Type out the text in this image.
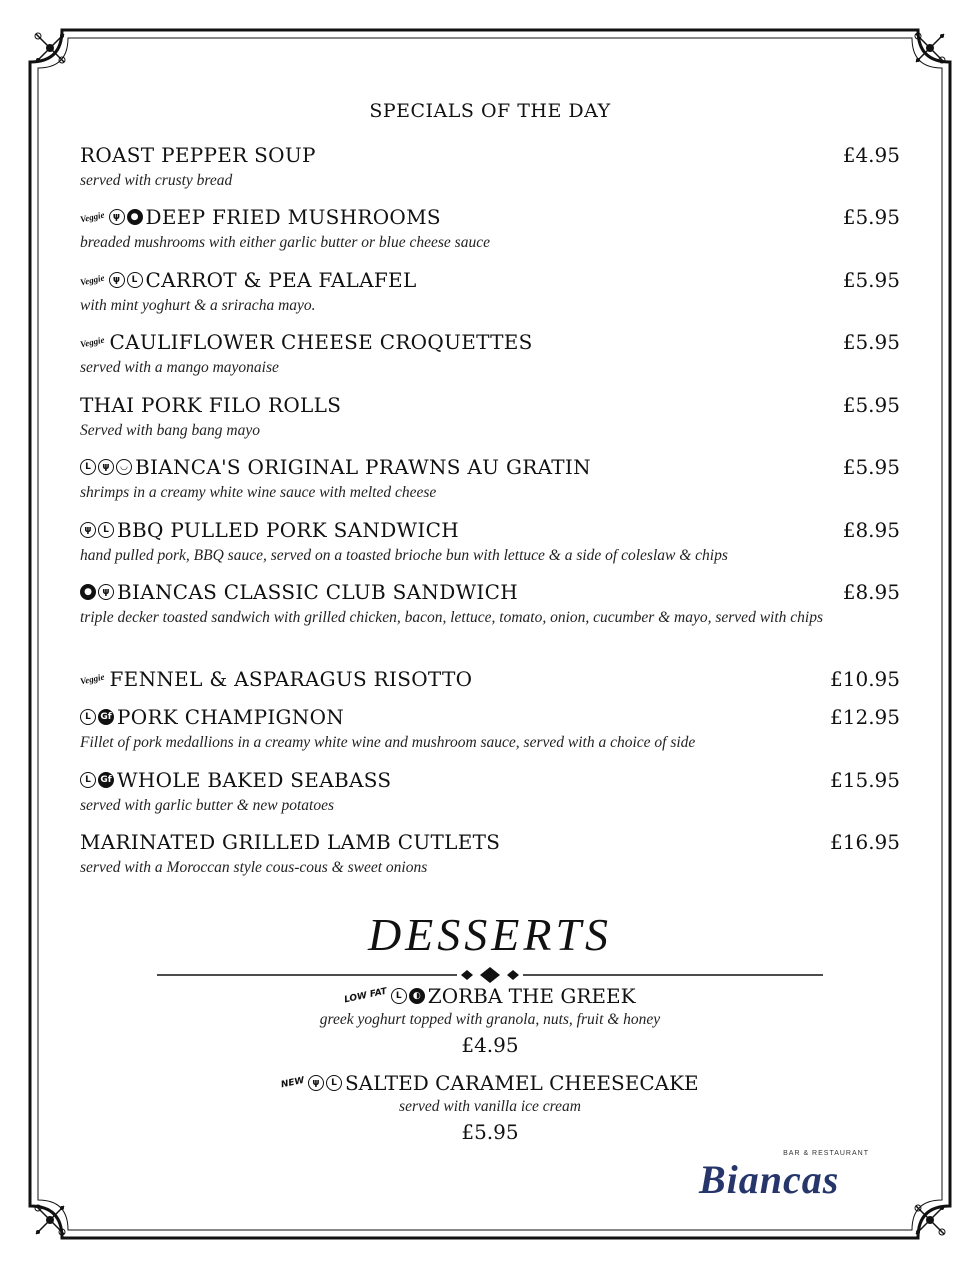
SPECIALS OF THE DAY
ROAST PEPPER SOUP	£4.95
served with crusty bread
Veggie ψ	● DEEP FRIED MUSHROOMS	£5.95
breaded mushrooms with either garlic butter or blue cheese sauce
Veggie ψ	L CARROT & PEA FALAFEL	£5.95
with mint yoghurt & a sriracha mayo.
Veggie CAULIFLOWER CHEESE CROQUETTES	£5.95
served with a mango mayonaise
THAI PORK FILO ROLLS	£5.95
Served with bang bang mayo
L	ψ	◡ BIANCA'S ORIGINAL PRAWNS AU GRATIN	£5.95
shrimps in a creamy white wine sauce with melted cheese
ψ	L BBQ PULLED PORK SANDWICH	£8.95
hand pulled pork, BBQ sauce, served on a toasted brioche bun with lettuce & a side of coleslaw & chips
●	ψ BIANCAS CLASSIC CLUB SANDWICH	£8.95
triple decker toasted sandwich with grilled chicken, bacon, lettuce, tomato, onion, cucumber & mayo, served with chips
Veggie FENNEL & ASPARAGUS RISOTTO	£10.95
L	Gf PORK CHAMPIGNON	£12.95
Fillet of pork medallions in a creamy white wine and mushroom sauce, served with a choice of side
L	Gf WHOLE BAKED SEABASS	£15.95
served with garlic butter & new potatoes
MARINATED GRILLED LAMB CUTLETS	£16.95
served with a Moroccan style cous-cous & sweet onions
DESSERTS
LOW FAT L	◐ ZORBA THE GREEK
greek yoghurt topped with granola, nuts, fruit & honey
£4.95
NEW ψ	L SALTED CARAMEL CHEESECAKE
served with vanilla ice cream
£5.95
BAR & RESTAURANT
Biancas
